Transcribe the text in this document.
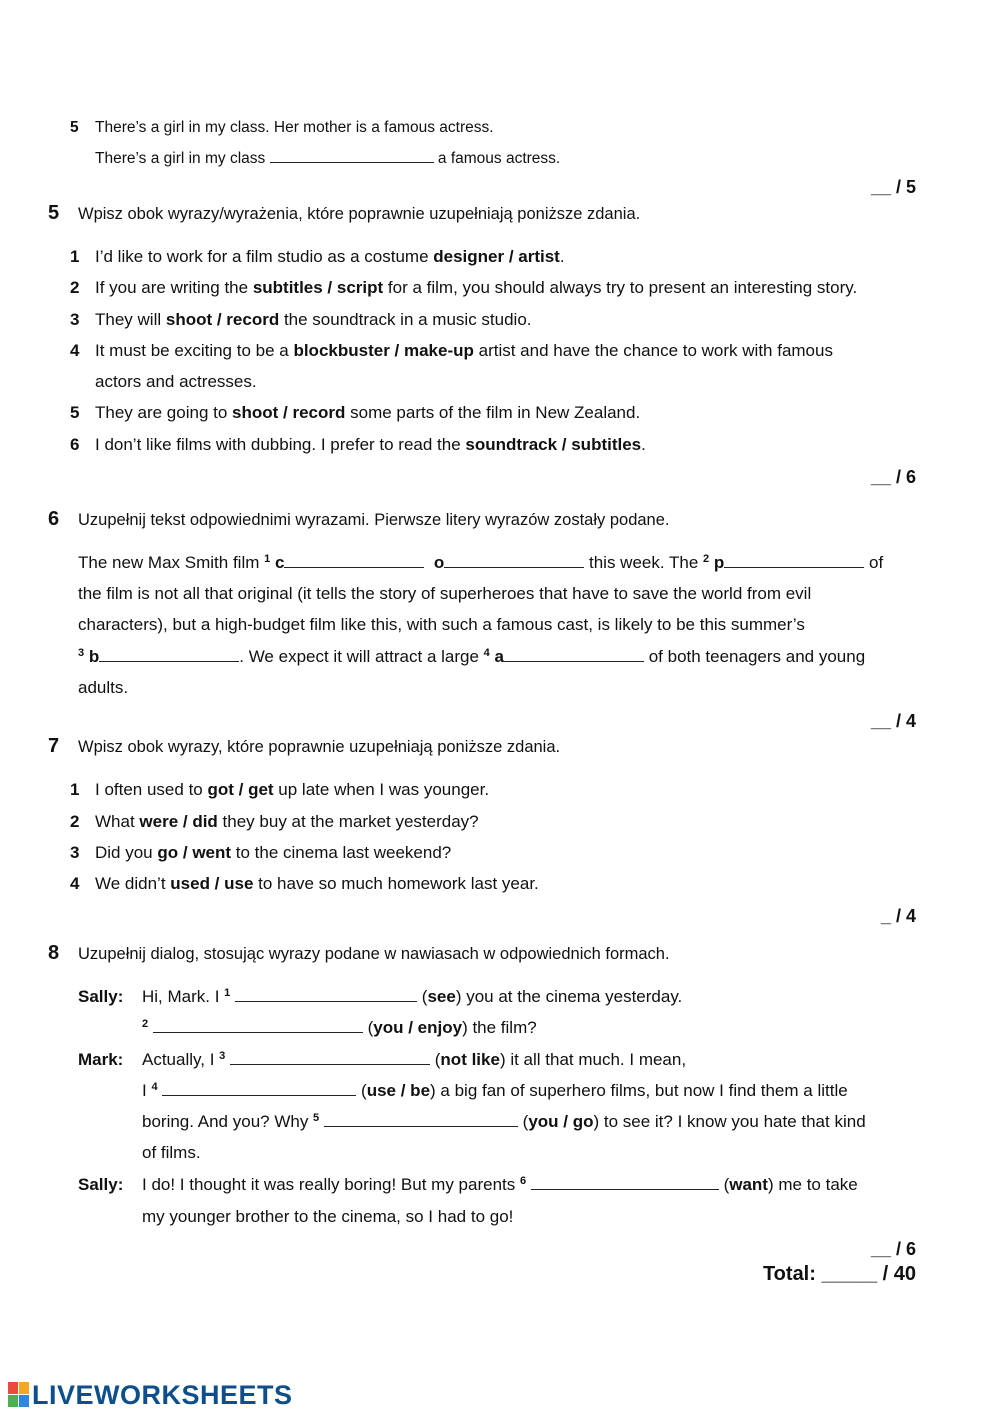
5 There’s a girl in my class. Her mother is a famous actress.
There’s a girl in my class	a famous actress.
__ / 5
5 Wpisz obok wyrazy/wyrażenia, które poprawnie uzupełniają poniższe zdania.
1 I’d like to work for a film studio as a costume designer / artist.
2 If you are writing the subtitles / script for a film, you should always try to present an interesting story.
3 They will shoot / record the soundtrack in a music studio.
4 It must be exciting to be a blockbuster / make-up artist and have the chance to work with famous
actors and actresses.
5 They are going to shoot / record some parts of the film in New Zealand.
6 I don’t like films with dubbing. I prefer to read the soundtrack / subtitles.
__ / 6
6 Uzupełnij tekst odpowiednimi wyrazami. Pierwsze litery wyrazów zostały podane.
The new Max Smith film $^1$ c	o	this week. The $^2$ p	of
the film is not all that original (it tells the story of superheroes that have to save the world from evil
characters), but a high-budget film like this, with such a famous cast, is likely to be this summer’s
$^3$ b	. We expect it will attract a large $^4$ a	of both teenagers and young
adults.
__ / 4
7 Wpisz obok wyrazy, które poprawnie uzupełniają poniższe zdania.
1 I often used to got / get up late when I was younger.
2 What were / did they buy at the market yesterday?
3 Did you go / went to the cinema last weekend?
4 We didn’t used / use to have so much homework last year.
_ / 4
8 Uzupełnij dialog, stosując wyrazy podane w nawiasach w odpowiednich formach.
Sally: Hi, Mark. I $^1$	(see) you at the cinema yesterday.
$^2$	(you / enjoy) the film?
Mark: Actually, I $^3$	(not like) it all that much. I mean,
I $^4$	(use / be) a big fan of superhero films, but now I find them a little
boring. And you? Why $^5$	(you / go) to see it? I know you hate that kind
of films.
Sally: I do! I thought it was really boring! But my parents $^6$	(want) me to take
my younger brother to the cinema, so I had to go!
__ / 6
Total: _____ / 40
LIVEWORKSHEETS
